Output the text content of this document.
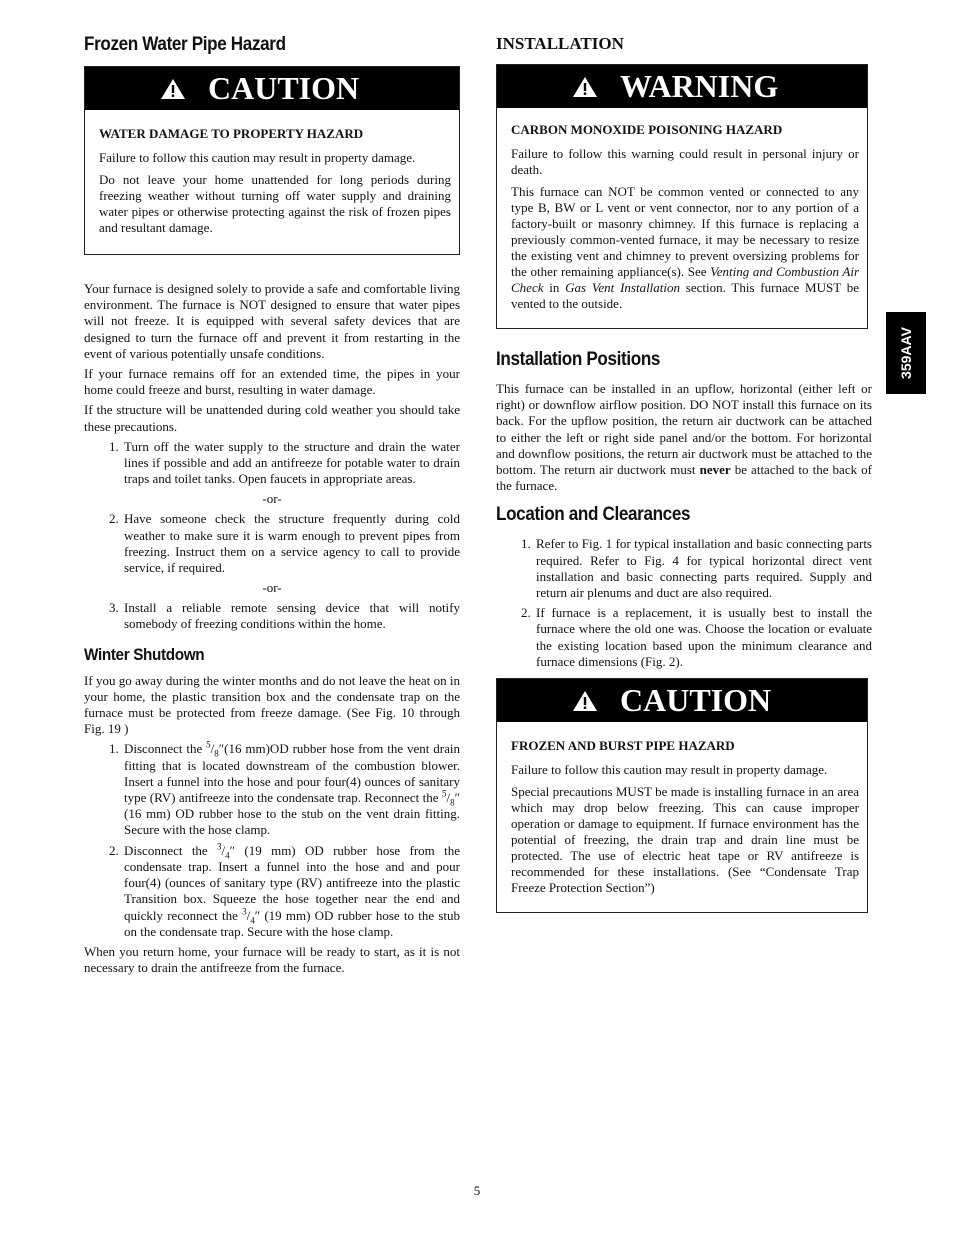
Frozen Water Pipe Hazard
CAUTION
WATER DAMAGE TO PROPERTY HAZARD

Failure to follow this caution may result in property damage.

Do not leave your home unattended for long periods during freezing weather without turning off water supply and draining water pipes or otherwise protecting against the risk of frozen pipes and resultant damage.

Your furnace is designed solely to provide a safe and comfortable living environment. The furnace is NOT designed to ensure that water pipes will not freeze. It is equipped with several safety devices that are designed to turn the furnace off and prevent it from restarting in the event of various potentially unsafe conditions.

If your furnace remains off for an extended time, the pipes in your home could freeze and burst, resulting in water damage.

If the structure will be unattended during cold weather you should take these precautions.

1. Turn off the water supply to the structure and drain the water lines if possible and add an antifreeze for potable water to drain traps and toilet tanks. Open faucets in appropriate areas.
-or-
2. Have someone check the structure frequently during cold weather to make sure it is warm enough to prevent pipes from freezing. Instruct them on a service agency to call to provide service, if required.
-or-
3. Install a reliable remote sensing device that will notify somebody of freezing conditions within the home.
Winter Shutdown

If you go away during the winter months and do not leave the heat on in your home, the plastic transition box and the condensate trap on the furnace must be protected from freeze damage. (See Fig. 10 through Fig. 19 )

1. Disconnect the $^5/_8''(16$ mm)OD rubber hose from the vent drain fitting that is located downstream of the combustion blower. Insert a funnel into the hose and pour four(4) ounces of sanitary type (RV) antifreeze into the condensate trap. Reconnect the $^5/_8''$ (16 mm) OD rubber hose to the stub on the vent drain fitting. Secure with the hose clamp.
2. Disconnect the $^3/_4''$ (19 mm) OD rubber hose from the condensate trap. Insert a funnel into the hose and and pour four(4) (ounces of sanitary type (RV) antifreeze into the plastic Transition box. Squeeze the hose together near the end and quickly reconnect the $^3/_4''$ (19 mm) OD rubber hose to the stub on the condensate trap. Secure with the hose clamp.

When you return home, your furnace will be ready to start, as it is not necessary to drain the antifreeze from the furnace.

INSTALLATION
WARNING
CARBON MONOXIDE POISONING HAZARD

Failure to follow this warning could result in personal injury or death.

This furnace can NOT be common vented or connected to any type B, BW or L vent or vent connector, nor to any portion of a factory-built or masonry chimney. If this furnace is replacing a previously common-vented furnace, it may be necessary to resize the existing vent and chimney to prevent oversizing problems for the other remaining appliance(s). See Venting and Combustion Air Check in Gas Vent Installation section. This furnace MUST be vented to the outside.

Installation Positions

This furnace can be installed in an upflow, horizontal (either left or right) or downflow airflow position. DO NOT install this furnace on its back. For the upflow position, the return air ductwork can be attached to either the left or right side panel and/or the bottom. For horizontal and downflow positions, the return air ductwork must be attached to the bottom. The return air ductwork must never be attached to the back of the furnace.

Location and Clearances
1. Refer to Fig. 1 for typical installation and basic connecting parts required. Refer to Fig. 4 for typical horizontal direct vent installation and basic connecting parts required. Supply and return air plenums and duct are also required.
2. If furnace is a replacement, it is usually best to install the furnace where the old one was. Choose the location or evaluate the existing location based upon the minimum clearance and furnace dimensions (Fig. 2).
CAUTION
FROZEN AND BURST PIPE HAZARD

Failure to follow this caution may result in property damage.

Special precautions MUST be made is installing furnace in an area which may drop below freezing. This can cause improper operation or damage to equipment. If furnace environment has the potential of freezing, the drain trap and drain line must be protected. The use of electric heat tape or RV antifreeze is recommended for these installations. (See “Condensate Trap Freeze Protection Section”)

359AAV
5
